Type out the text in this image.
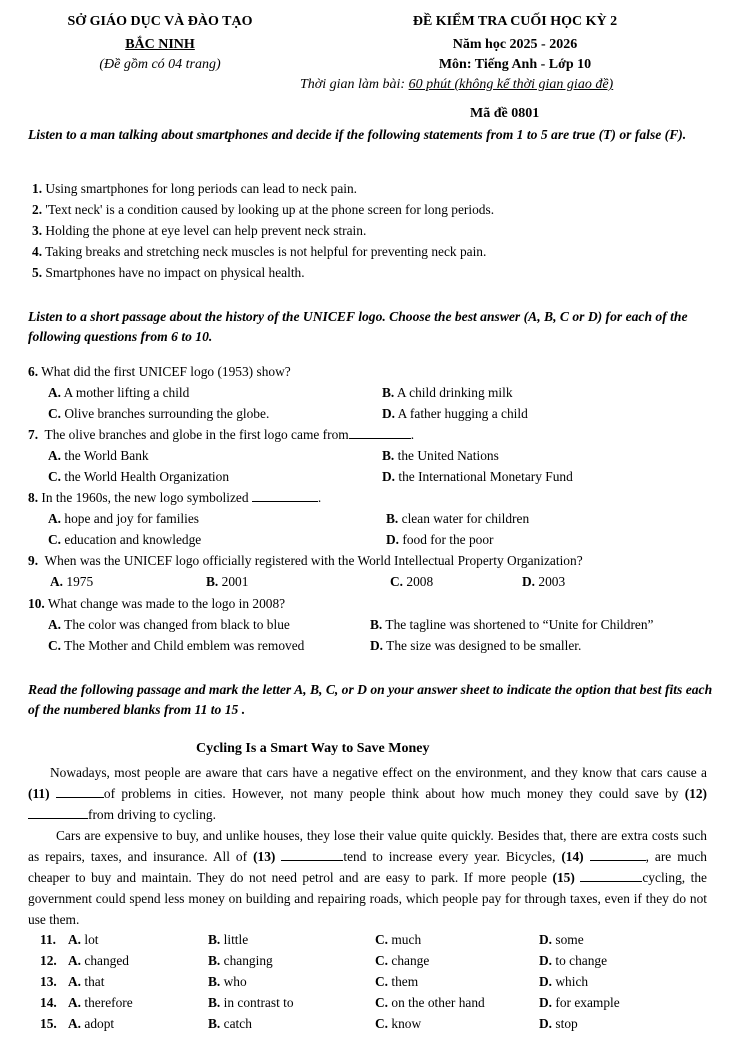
SỞ GIÁO DỤC VÀ ĐÀO TẠO
BẮC NINH
(Đề gồm có 04 trang)
ĐỀ KIỂM TRA CUỐI HỌC KỲ 2
Năm học 2025 - 2026
Môn: Tiếng Anh - Lớp 10
Thời gian làm bài: 60 phút (không kể thời gian giao đề)
Mã đề 0801
Listen to a man talking about smartphones and decide if the following statements from 1 to 5 are true (T) or false (F).
1. Using smartphones for long periods can lead to neck pain.
2. 'Text neck' is a condition caused by looking up at the phone screen for long periods.
3. Holding the phone at eye level can help prevent neck strain.
4. Taking breaks and stretching neck muscles is not helpful for preventing neck pain.
5. Smartphones have no impact on physical health.
Listen to a short passage about the history of the UNICEF logo. Choose the best answer (A, B, C or D) for each of the following questions from 6 to 10.
6. What did the first UNICEF logo (1953) show?
A. A mother lifting a child	B. A child drinking milk
C. Olive branches surrounding the globe.	D. A father hugging a child
7. The olive branches and globe in the first logo came from	.
A. the World Bank	B. the United Nations
C. the World Health Organization	D. the International Monetary Fund
8. In the 1960s, the new logo symbolized	.
A. hope and joy for families	B. clean water for children
C. education and knowledge	D. food for the poor
9. When was the UNICEF logo officially registered with the World Intellectual Property Organization?
A. 1975	B. 2001	C. 2008	D. 2003
10. What change was made to the logo in 2008?
A. The color was changed from black to blue	B. The tagline was shortened to “Unite for Children”
C. The Mother and Child emblem was removed	D. The size was designed to be smaller.
Read the following passage and mark the letter A, B, C, or D on your answer sheet to indicate the option that best fits each of the numbered blanks from 11 to 15 .
Cycling Is a Smart Way to Save Money
Nowadays, most people are aware that cars have a negative effect on the environment, and they know that cars cause a (11)	of problems in cities. However, not many people think about how much money they could save by (12) from driving to cycling.
Cars are expensive to buy, and unlike houses, they lose their value quite quickly. Besides that, there are extra costs such as repairs, taxes, and insurance. All of (13)	tend to increase every year. Bicycles, (14)	, are much cheaper to buy and maintain. They do not need petrol and are easy to park. If more people (15)	cycling, the government could spend less money on building and repairing roads, which people pay for through taxes, even if they do not use them.
11. A. lot	B. little	C. much	D. some
12. A. changed	B. changing	C. change	D. to change
13. A. that	B. who	C. them	D. which
14. A. therefore	B. in contrast to	C. on the other hand	D. for example
15. A. adopt	B. catch	C. know	D. stop
